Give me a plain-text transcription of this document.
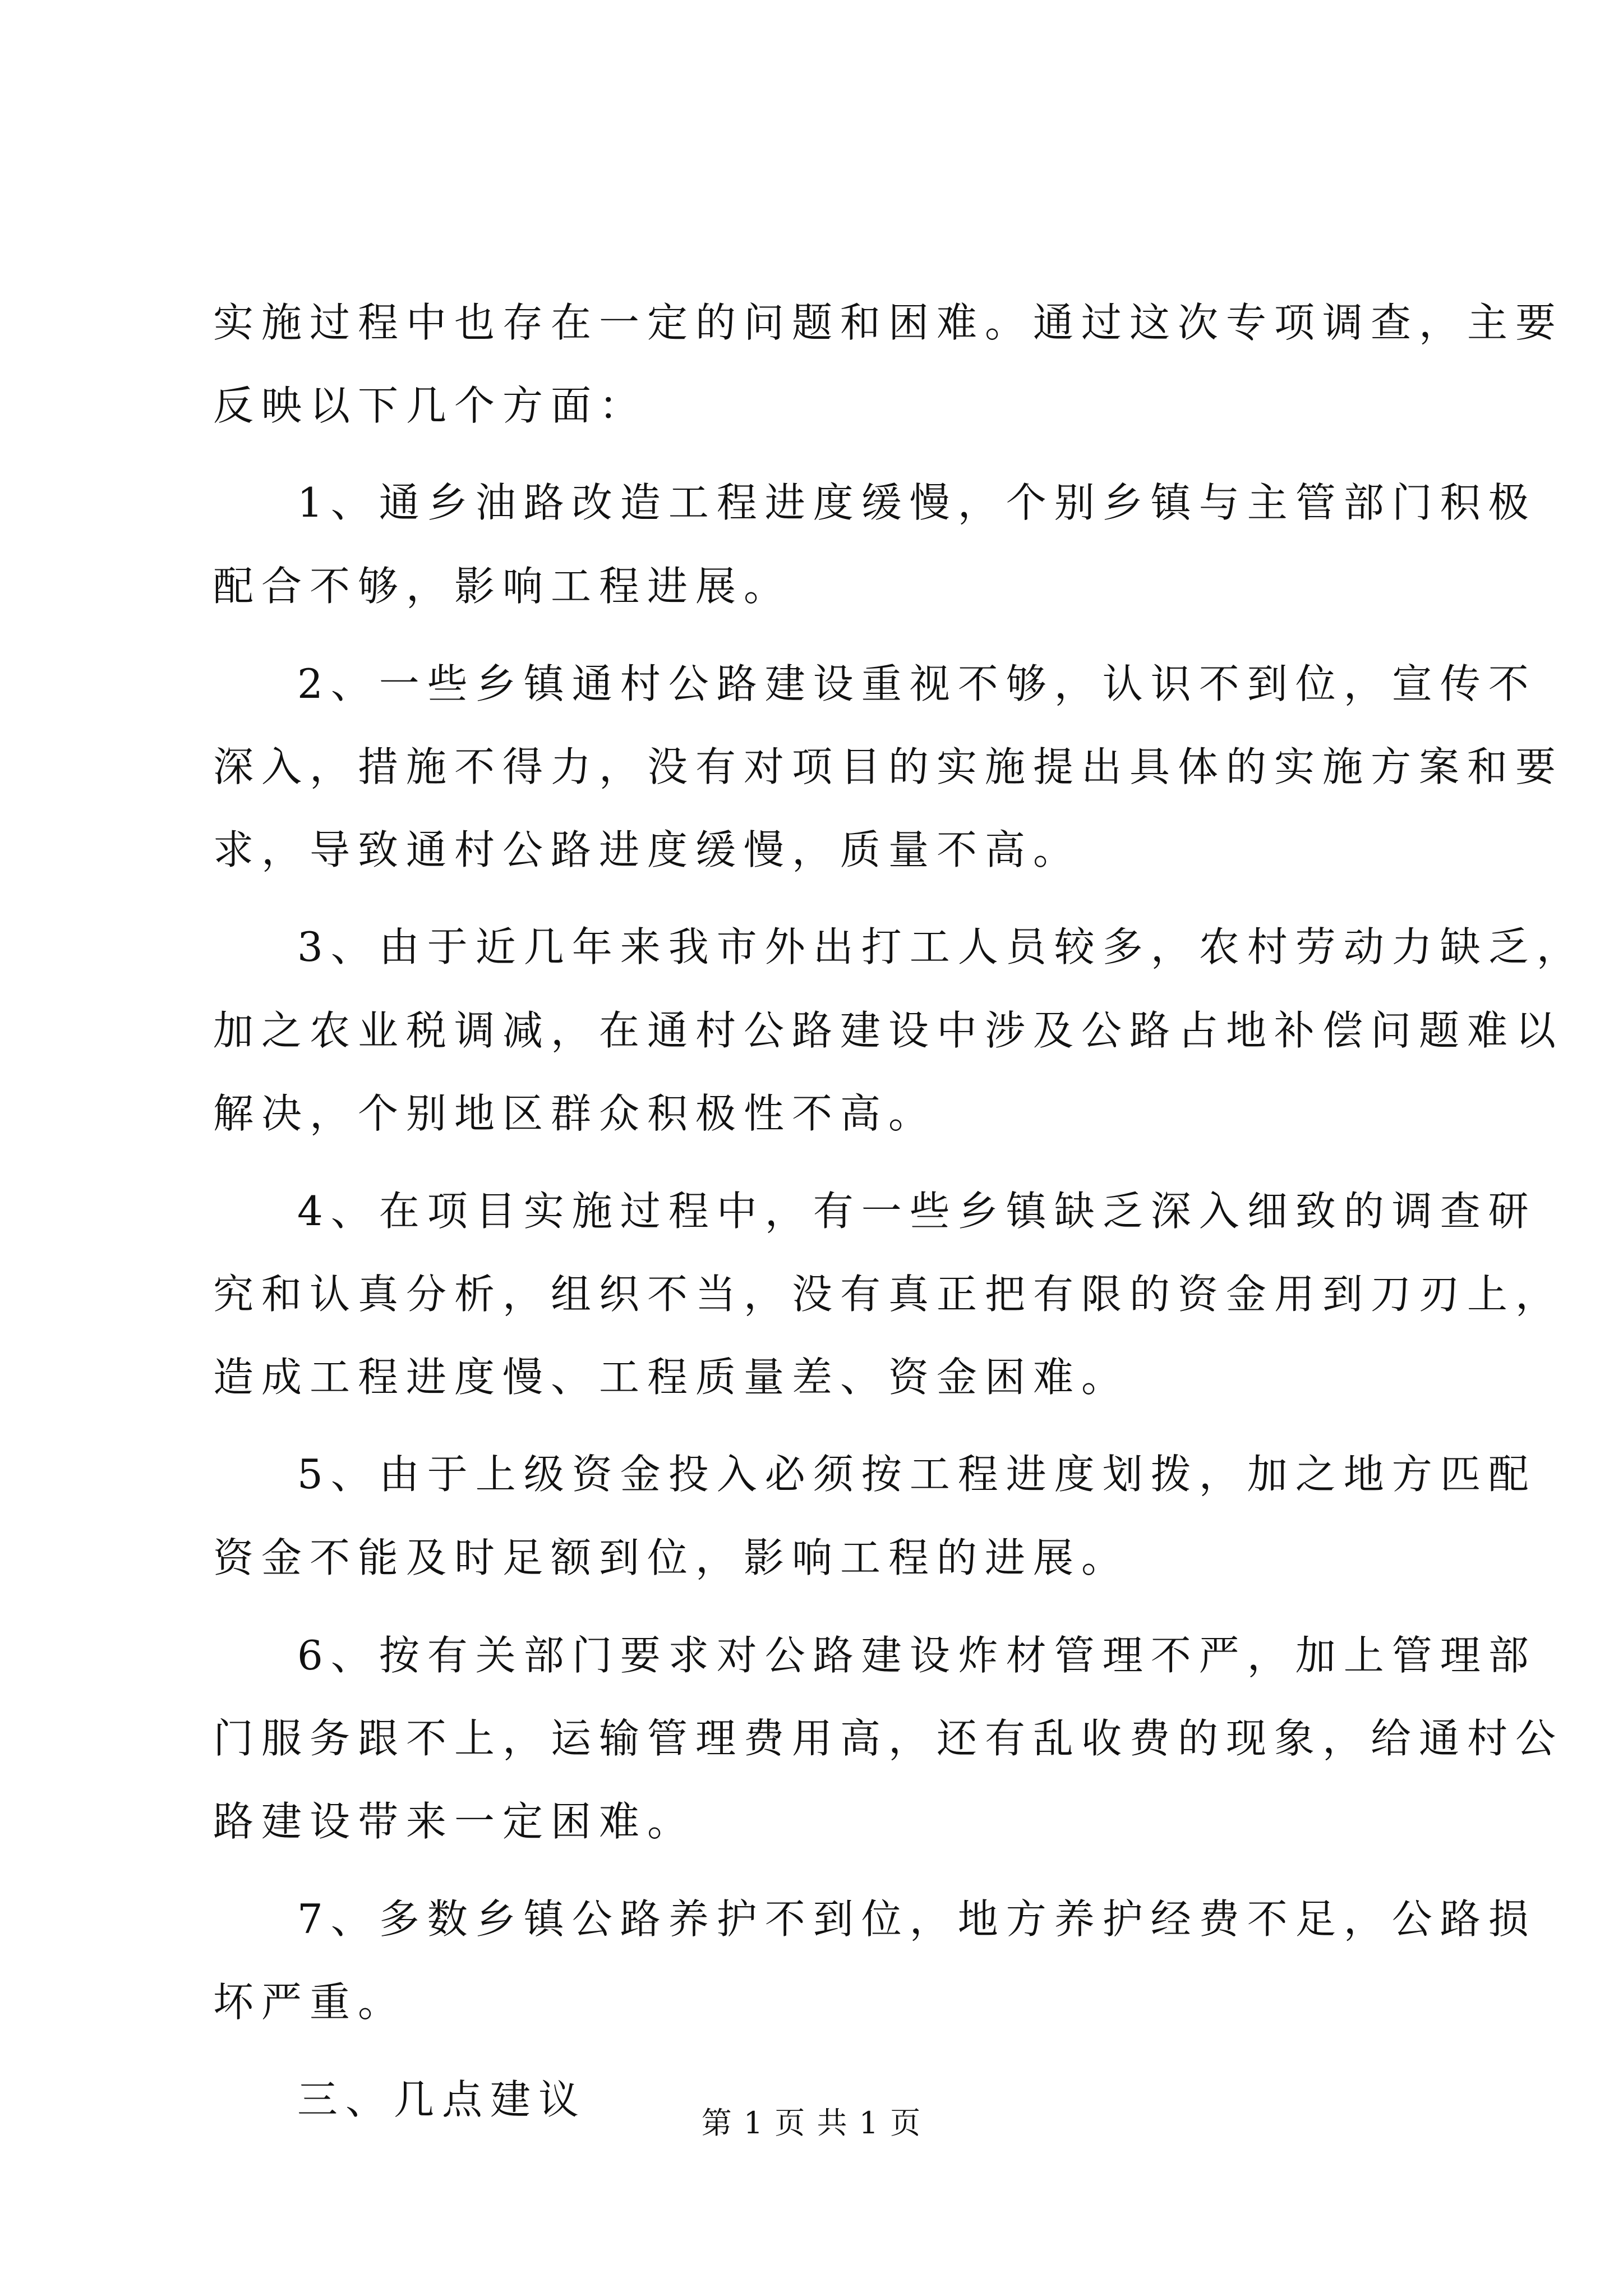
实施过程中也存在一定的问题和困难。通过这次专项调查，主要
反映以下几个方面：
1、通乡油路改造工程进度缓慢，个别乡镇与主管部门积极
配合不够，影响工程进展。
2、一些乡镇通村公路建设重视不够，认识不到位，宣传不
深入，措施不得力，没有对项目的实施提出具体的实施方案和要
求，导致通村公路进度缓慢，质量不高。
3、由于近几年来我市外出打工人员较多，农村劳动力缺乏，
加之农业税调减，在通村公路建设中涉及公路占地补偿问题难以
解决，个别地区群众积极性不高。
4、在项目实施过程中，有一些乡镇缺乏深入细致的调查研
究和认真分析，组织不当，没有真正把有限的资金用到刀刃上，
造成工程进度慢、工程质量差、资金困难。
5、由于上级资金投入必须按工程进度划拨，加之地方匹配
资金不能及时足额到位，影响工程的进展。
6、按有关部门要求对公路建设炸材管理不严，加上管理部
门服务跟不上，运输管理费用高，还有乱收费的现象，给通村公
路建设带来一定困难。
7、多数乡镇公路养护不到位，地方养护经费不足，公路损
坏严重。
三、几点建议	第 1 页 共 1 页
